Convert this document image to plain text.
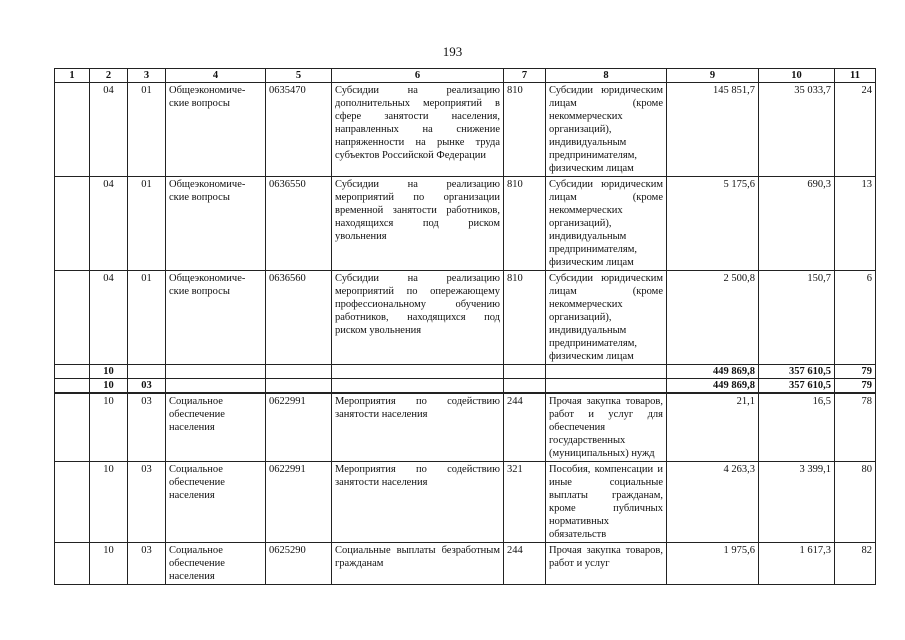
193
1	2	3	4	5	6	7	8	9	10	11
	04	01	Общеэкономиче-ские вопросы	0635470	Субсидии на реализацию дополнительных мероприятий в сфере занятости населения, направленных на снижение напряженности на рынке труда субъектов Российской Федерации	810	Субсидии юридическим лицам (кроме некоммерческих организаций), индивидуальным предпринимателям, физическим лицам	145 851,7	35 033,7	24
	04	01	Общеэкономиче-ские вопросы	0636550	Субсидии на реализацию мероприятий по организации временной занятости работников, находящихся под риском увольнения	810	Субсидии юридическим лицам (кроме некоммерческих организаций), индивидуальным предпринимателям, физическим лицам	5 175,6	690,3	13
	04	01	Общеэкономиче-ские вопросы	0636560	Субсидии на реализацию мероприятий по опережающему профессиональному обучению работников, находящихся под риском увольнения	810	Субсидии юридическим лицам (кроме некоммерческих организаций), индивидуальным предпринимателям, физическим лицам	2 500,8	150,7	6
	10							449 869,8	357 610,5	79
	10	03						449 869,8	357 610,5	79
	10	03	Социальное обеспечение населения	0622991	Мероприятия по содействию занятости населения	244	Прочая закупка товаров, работ и услуг для обеспечения государственных (муниципальных) нужд	21,1	16,5	78
	10	03	Социальное обеспечение населения	0622991	Мероприятия по содействию занятости населения	321	Пособия, компенсации и иные социальные выплаты гражданам, кроме публичных нормативных обязательств	4 263,3	3 399,1	80
	10	03	Социальное обеспечение населения	0625290	Социальные выплаты безработным гражданам	244	Прочая закупка товаров, работ и услуг	1 975,6	1 617,3	82
